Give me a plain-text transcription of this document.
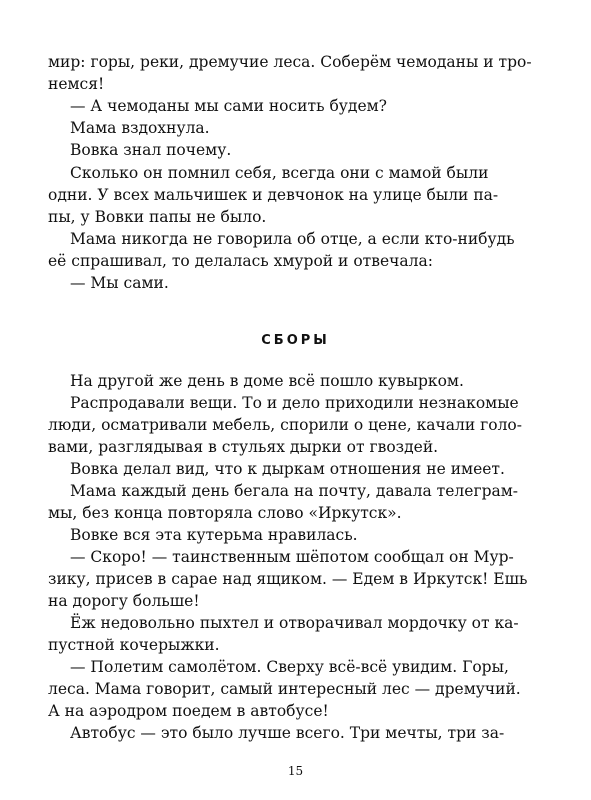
мир: горы, реки, дремучие леса. Соберём чемоданы и тро-
немся!
— А чемоданы мы сами носить будем?
Мама вздохнула.
Вовка знал почему.
Сколько он помнил себя, всегда они с мамой были
одни. У всех мальчишек и девчонок на улице были па-
пы, у Вовки папы не было.
Мама никогда не говорила об отце, а если кто-нибудь
её спрашивал, то делалась хмурой и отвечала:
— Мы сами.
СБОРЫ
На другой же день в доме всё пошло кувырком.
Распродавали вещи. То и дело приходили незнакомые
люди, осматривали мебель, спорили о цене, качали голо-
вами, разглядывая в стульях дырки от гвоздей.
Вовка делал вид, что к дыркам отношения не имеет.
Мама каждый день бегала на почту, давала телеграм-
мы, без конца повторяла слово «Иркутск».
Вовке вся эта кутерьма нравилась.
— Скоро! — таинственным шёпотом сообщал он Мур-
зику, присев в сарае над ящиком. — Едем в Иркутск! Ешь
на дорогу больше!
Ёж недовольно пыхтел и отворачивал мордочку от ка-
пустной кочерыжки.
— Полетим самолётом. Сверху всё-всё увидим. Горы,
леса. Мама говорит, самый интересный лес — дремучий.
А на аэродром поедем в автобусе!
Автобус — это было лучше всего. Три мечты, три за-
15
